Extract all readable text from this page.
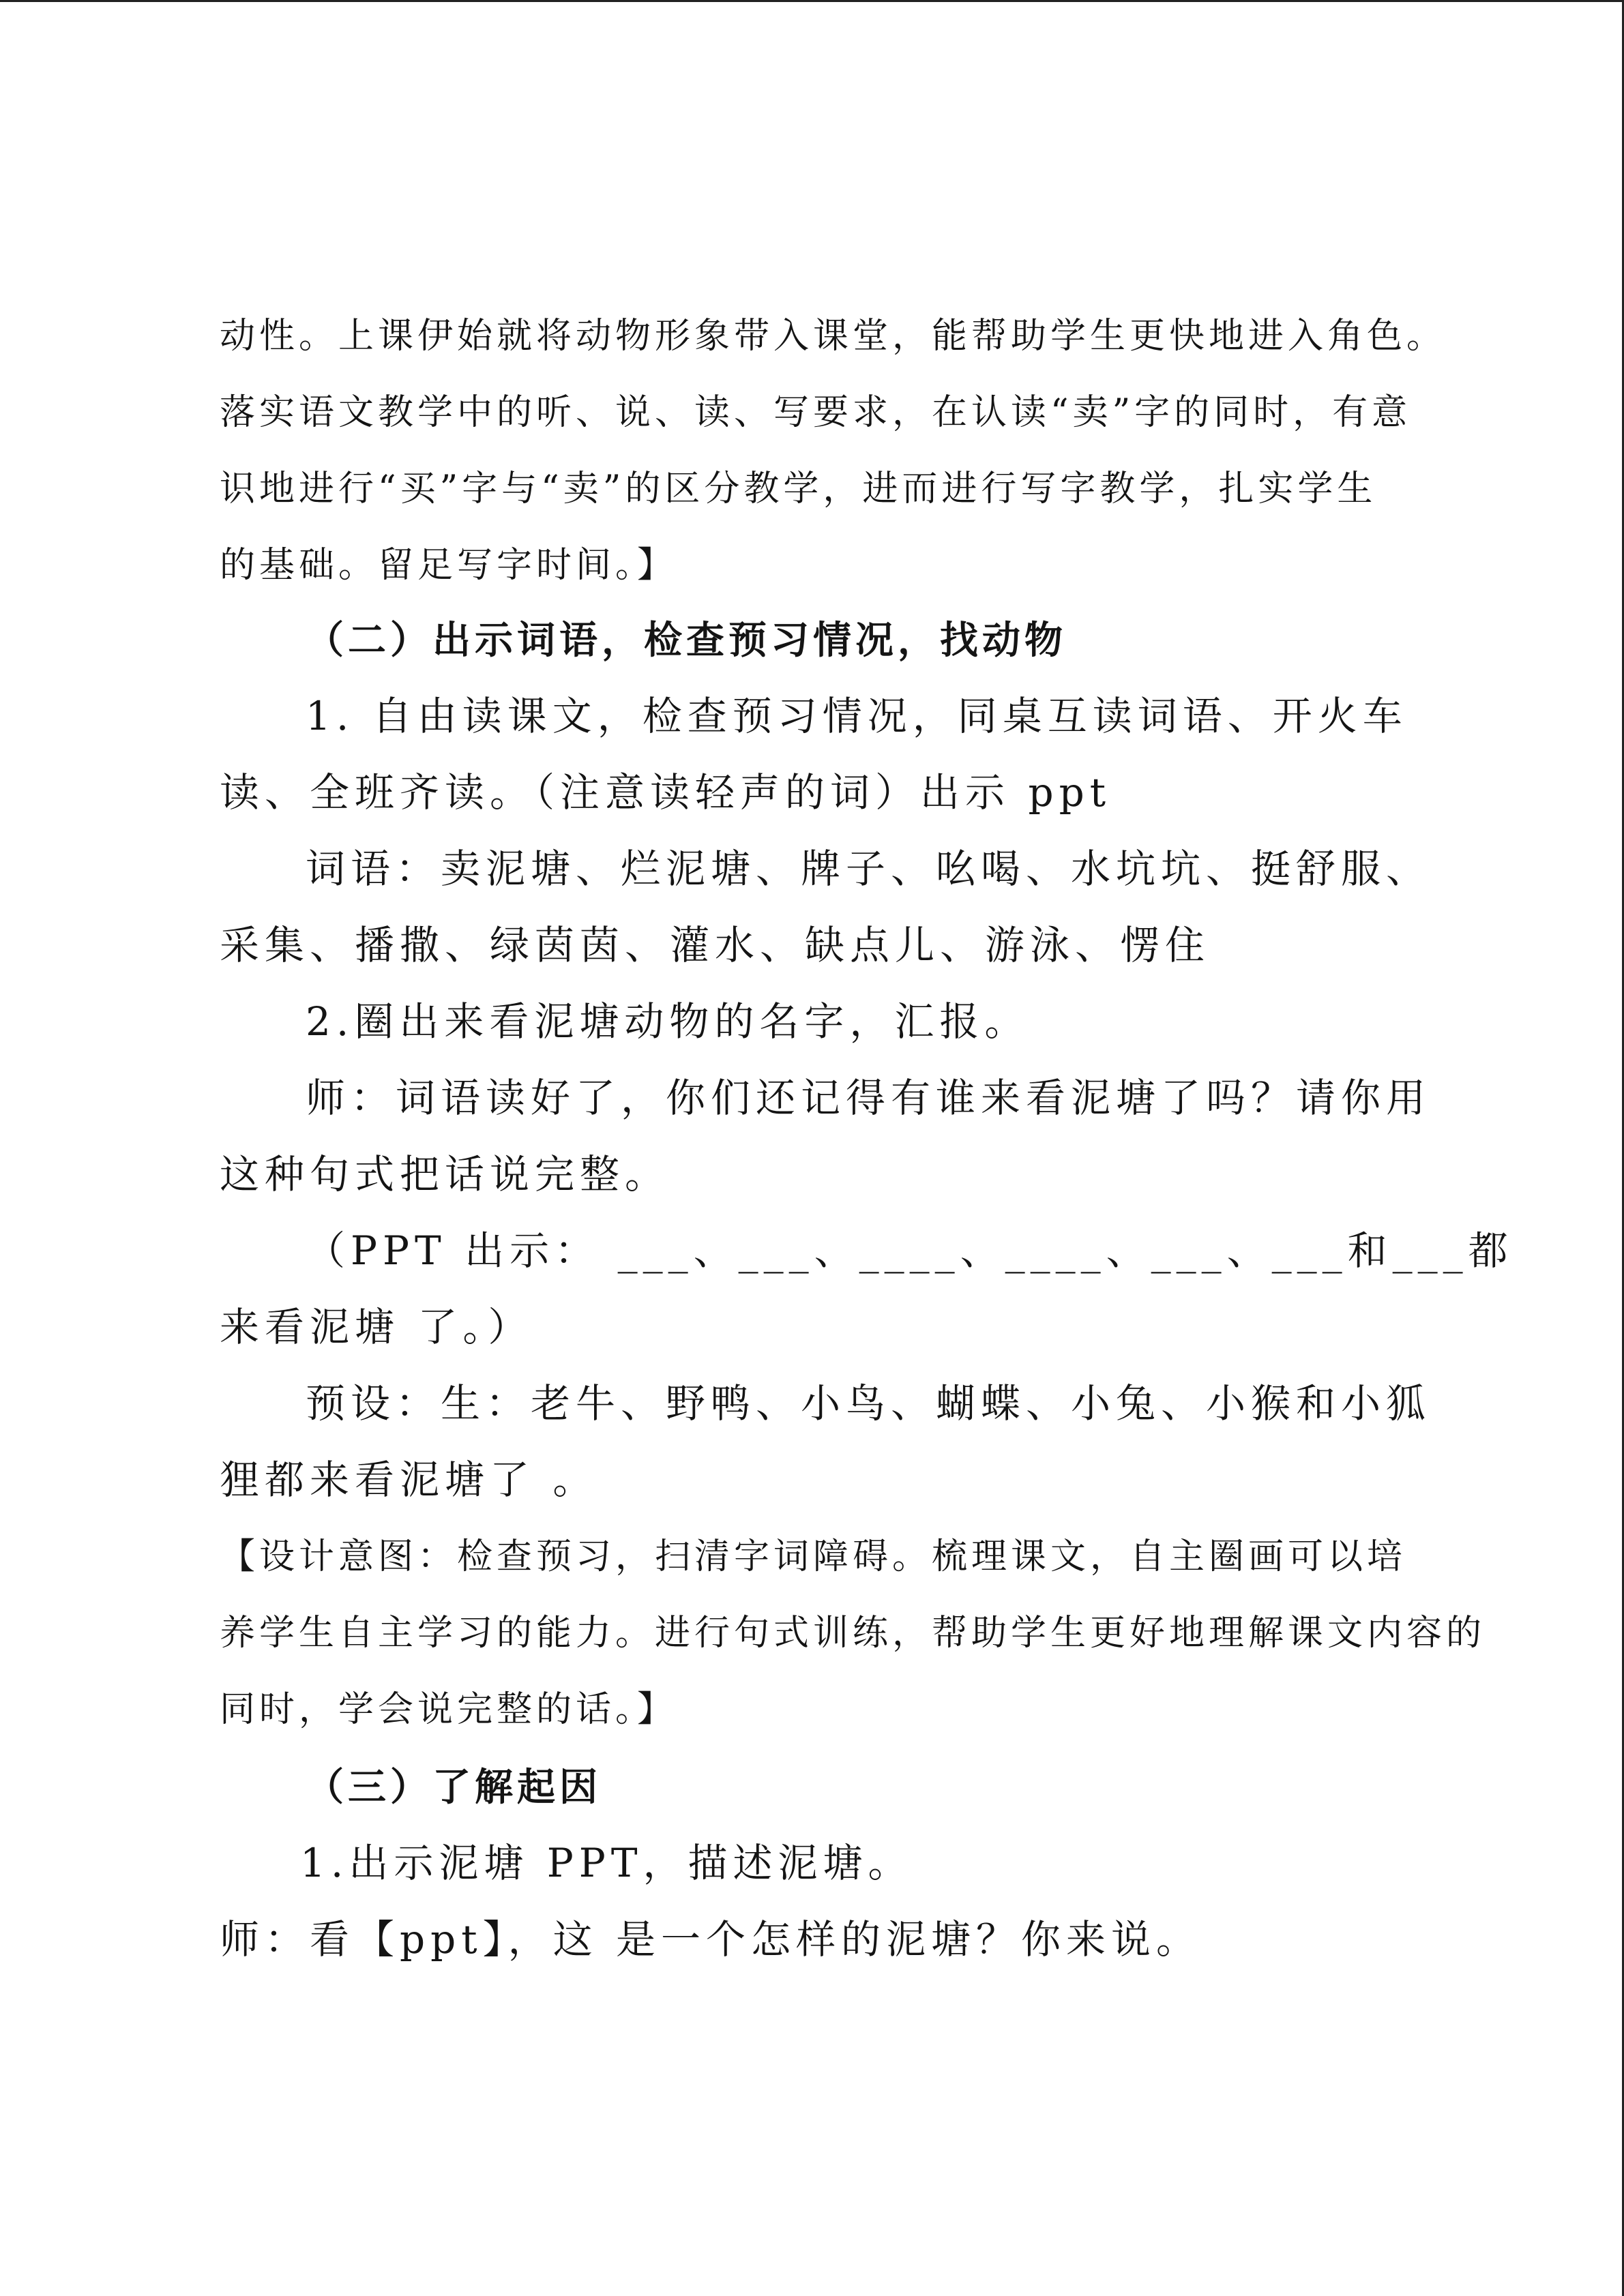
动性。上课伊始就将动物形象带入课堂，能帮助学生更快地进入角色。
落实语文教学中的听、说、读、写要求，在认读“卖”字的同时，有意
识地进行“买”字与“卖”的区分教学，进而进行写字教学，扎实学生
的基础。留足写字时间。】
（二）出示词语，检查预习情况，找动物
1. 自由读课文，检查预习情况，同桌互读词语、开火车
读、全班齐读。（注意读轻声的词）出示 ppt
词语：卖泥塘、烂泥塘、牌子、吆喝、水坑坑、挺舒服、
采集、播撒、绿茵茵、灌水、缺点儿、游泳、愣住
2.圈出来看泥塘动物的名字，汇报。
师：词语读好了，你们还记得有谁来看泥塘了吗？请你用
这种句式把话说完整。
（PPT 出示： ___、___、____、____、___、___和___都
来看泥塘 了。）
预设：生：老牛、野鸭、小鸟、蝴蝶、小兔、小猴和小狐
狸都来看泥塘了 。
【设计意图：检查预习，扫清字词障碍。梳理课文，自主圈画可以培
养学生自主学习的能力。进行句式训练，帮助学生更好地理解课文内容的
同时，学会说完整的话。】
（三）了解起因
1.出示泥塘 PPT，描述泥塘。
师：看【ppt】，这 是一个怎样的泥塘？你来说。
